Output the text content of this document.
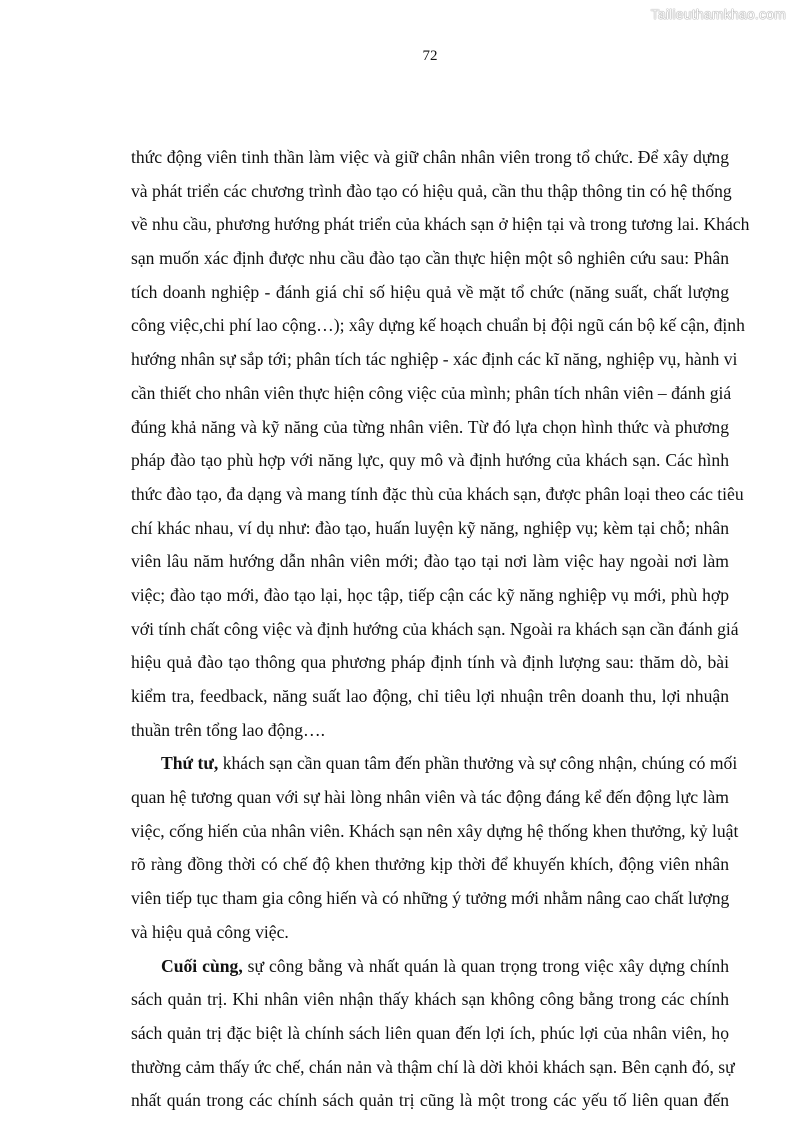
Tailieuthamkhao.com
72
thức động viên tinh thần làm việc và giữ chân nhân viên trong tổ chức. Để xây dựng
và phát triển các chương trình đào tạo có hiệu quả, cần thu thập thông tin có hệ thống
về nhu cầu, phương hướng phát triển của khách sạn ở hiện tại và trong tương lai. Khách
sạn muốn xác định được nhu cầu đào tạo cần thực hiện một sô nghiên cứu sau: Phân
tích doanh nghiệp - đánh giá chỉ số hiệu quả về mặt tổ chức (năng suất, chất lượng
công việc,chi phí lao cộng…); xây dựng kế hoạch chuẩn bị đội ngũ cán bộ kế cận, định
hướng nhân sự sắp tới; phân tích tác nghiệp - xác định các kĩ năng, nghiệp vụ, hành vi
cần thiết cho nhân viên thực hiện công việc của mình; phân tích nhân viên – đánh giá
đúng khả năng và kỹ năng của từng nhân viên. Từ đó lựa chọn hình thức và phương
pháp đào tạo phù hợp với năng lực, quy mô và định hướng của khách sạn. Các hình
thức đào tạo, đa dạng và mang tính đặc thù của khách sạn, được phân loại theo các tiêu
chí khác nhau, ví dụ như: đào tạo, huấn luyện kỹ năng, nghiệp vụ; kèm tại chỗ; nhân
viên lâu năm hướng dẫn nhân viên mới; đào tạo tại nơi làm việc hay ngoài nơi làm
việc; đào tạo mới, đào tạo lại, học tập, tiếp cận các kỹ năng nghiệp vụ mới, phù hợp
với tính chất công việc và định hướng của khách sạn. Ngoài ra khách sạn cần đánh giá
hiệu quả đào tạo thông qua phương pháp định tính và định lượng sau: thăm dò, bài
kiểm tra, feedback, năng suất lao động, chỉ tiêu lợi nhuận trên doanh thu, lợi nhuận
thuần trên tổng lao động….
Thứ tư, khách sạn cần quan tâm đến phần thưởng và sự công nhận, chúng có mối
quan hệ tương quan với sự hài lòng nhân viên và tác động đáng kể đến động lực làm
việc, cống hiến của nhân viên. Khách sạn nên xây dựng hệ thống khen thưởng, kỷ luật
rõ ràng đồng thời có chế độ khen thưởng kịp thời để khuyến khích, động viên nhân
viên tiếp tục tham gia công hiến và có những ý tưởng mới nhằm nâng cao chất lượng
và hiệu quả công việc.
Cuối cùng, sự công bằng và nhất quán là quan trọng trong việc xây dựng chính
sách quản trị. Khi nhân viên nhận thấy khách sạn không công bằng trong các chính
sách quản trị đặc biệt là chính sách liên quan đến lợi ích, phúc lợi của nhân viên, họ
thường cảm thấy ức chế, chán nản và thậm chí là dời khỏi khách sạn. Bên cạnh đó, sự
nhất quán trong các chính sách quản trị cũng là một trong các yếu tố liên quan đến
